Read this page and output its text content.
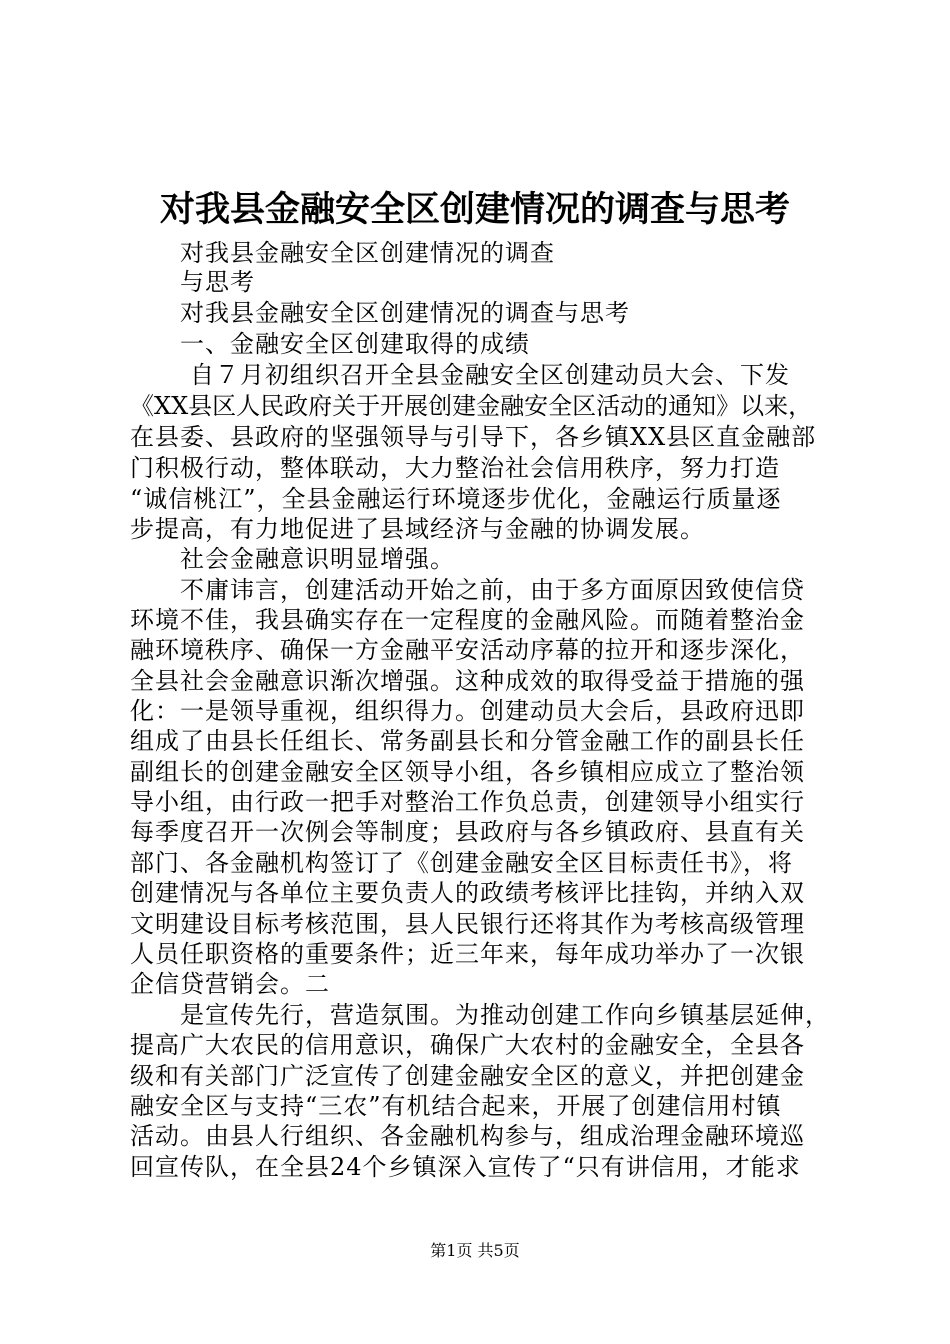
对我县金融安全区创建情况的调查与思考
对我县金融安全区创建情况的调查
与思考
对我县金融安全区创建情况的调查与思考
一、金融安全区创建取得的成绩
自７月初组织召开全县金融安全区创建动员大会、下发
《XX县区人民政府关于开展创建金融安全区活动的通知》以来，
在县委、县政府的坚强领导与引导下，各乡镇XX县区直金融部
门积极行动，整体联动，大力整治社会信用秩序，努力打造
“诚信桃江”，全县金融运行环境逐步优化，金融运行质量逐
步提高，有力地促进了县域经济与金融的协调发展。
社会金融意识明显增强。
不庸讳言，创建活动开始之前，由于多方面原因致使信贷
环境不佳，我县确实存在一定程度的金融风险。而随着整治金
融环境秩序、确保一方金融平安活动序幕的拉开和逐步深化，
全县社会金融意识渐次增强。这种成效的取得受益于措施的强
化：一是领导重视，组织得力。创建动员大会后，县政府迅即
组成了由县长任组长、常务副县长和分管金融工作的副县长任
副组长的创建金融安全区领导小组，各乡镇相应成立了整治领
导小组，由行政一把手对整治工作负总责，创建领导小组实行
每季度召开一次例会等制度；县政府与各乡镇政府、县直有关
部门、各金融机构签订了《创建金融安全区目标责任书》，将
创建情况与各单位主要负责人的政绩考核评比挂钩，并纳入双
文明建设目标考核范围，县人民银行还将其作为考核高级管理
人员任职资格的重要条件；近三年来，每年成功举办了一次银
企信贷营销会。二
是宣传先行，营造氛围。为推动创建工作向乡镇基层延伸，
提高广大农民的信用意识，确保广大农村的金融安全，全县各
级和有关部门广泛宣传了创建金融安全区的意义，并把创建金
融安全区与支持“三农”有机结合起来，开展了创建信用村镇
活动。由县人行组织、各金融机构参与，组成治理金融环境巡
回宣传队，在全县24个乡镇深入宣传了“只有讲信用，才能求
第1页 共5页
